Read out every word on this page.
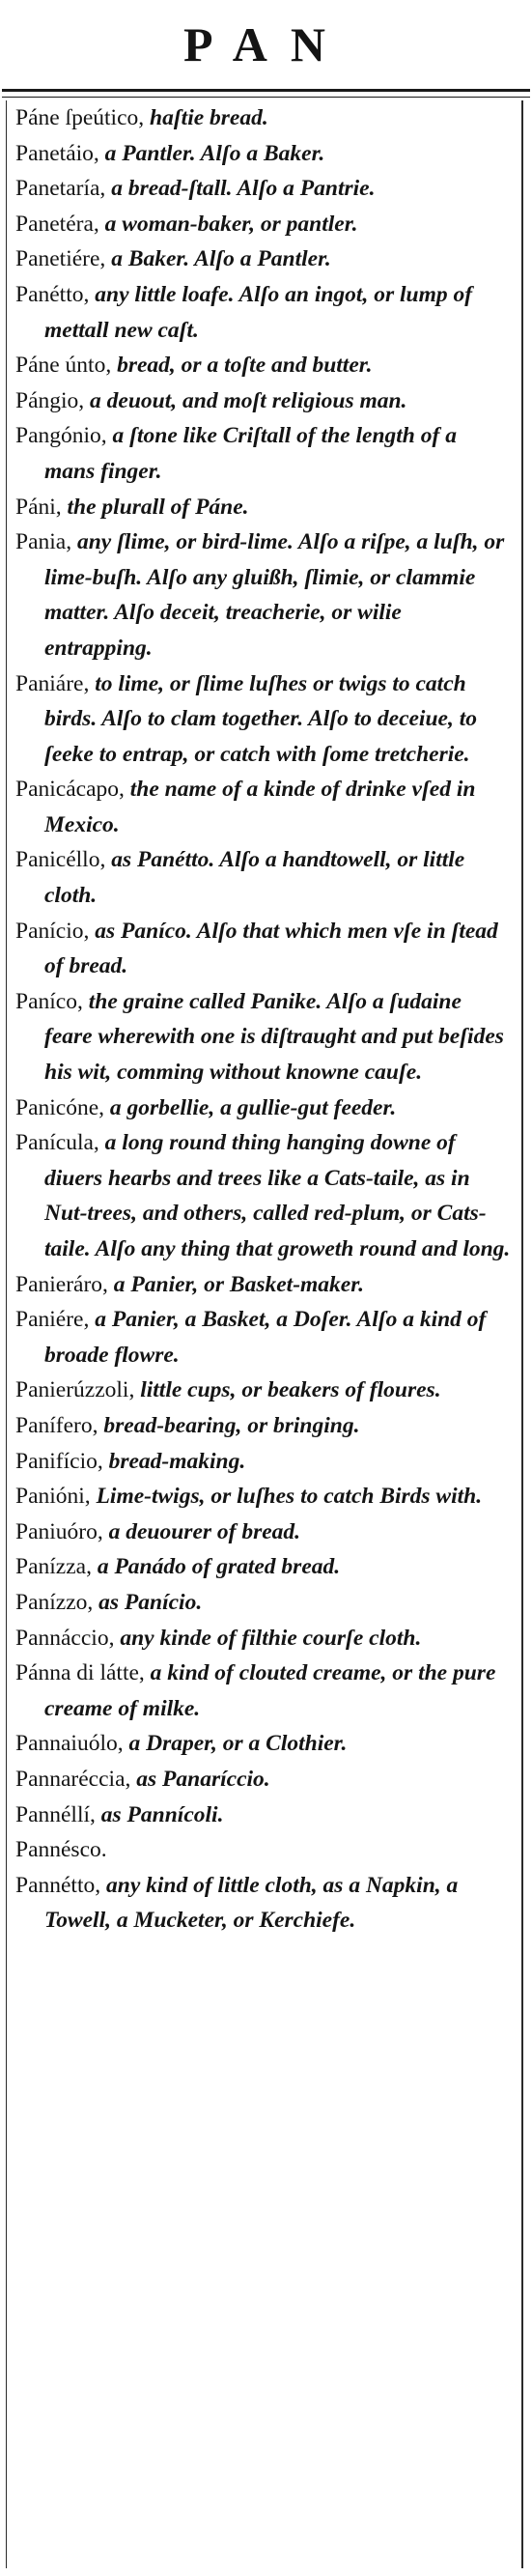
PAN

Páne ſpeútico, haſtie bread.

Panetáio, a Pantler. Alſo a Baker.

Panetaría, a bread-ſtall. Alſo a Pantrie.

Panetéra, a woman-baker, or pantler.

Panetiére, a Baker. Alſo a Pantler.

Panétto, any little loafe. Alſo an ingot, or lump of mettall new caſt.

Páne únto, bread, or a toſte and butter.

Pángio, a deuout, and moſt religious man.

Pangónio, a ſtone like Criſtall of the length of a mans finger.

Páni, the plurall of Páne.

Pania, any ſlime, or bird-lime. Alſo a riſpe, a luſh, or lime-buſh. Alſo any gluißh, ſlimie, or clammie matter. Alſo deceit, treacherie, or wilie entrapping.

Paniáre, to lime, or ſlime luſhes or twigs to catch birds. Alſo to clam together. Alſo to deceiue, to ſeeke to entrap, or catch with ſome tretcherie.

Panicácapo, the name of a kinde of drinke vſed in Mexico.

Panicéllo, as Panétto. Alſo a handtowell, or little cloth.

Panício, as Paníco. Alſo that which men vſe in ſtead of bread.

Paníco, the graine called Panike. Alſo a ſudaine feare wherewith one is diſtraught and put beſides his wit, comming without knowne cauſe.

Panicóne, a gorbellie, a gullie-gut feeder.

Panícula, a long round thing hanging downe of diuers hearbs and trees like a Cats-taile, as in Nut-trees, and others, called red-plum, or Cats-taile. Alſo any thing that groweth round and long.

Panieráro, a Panier, or Basket-maker.

Paniére, a Panier, a Basket, a Doſer. Alſo a kind of broade flowre.

Panierúzzoli, little cups, or beakers of floures.

Panífero, bread-bearing, or bringing.

Panifício, bread-making.

Panióni, Lime-twigs, or luſhes to catch Birds with.

Paniuóro, a deuourer of bread.

Panízza, a Panádo of grated bread.

Panízzo, as Panício.

Pannáccio, any kinde of filthie courſe cloth.

Pánna di látte, a kind of clouted creame, or the pure creame of milke.

Pannaiuólo, a Draper, or a Clothier.

Pannaréccia, as Panaríccio.

Pannéllí, as Pannícoli.

Pannésco.

Pannétto, any kind of little cloth, as a Napkin, a Towell, a Mucketer, or Kerchiefe.
